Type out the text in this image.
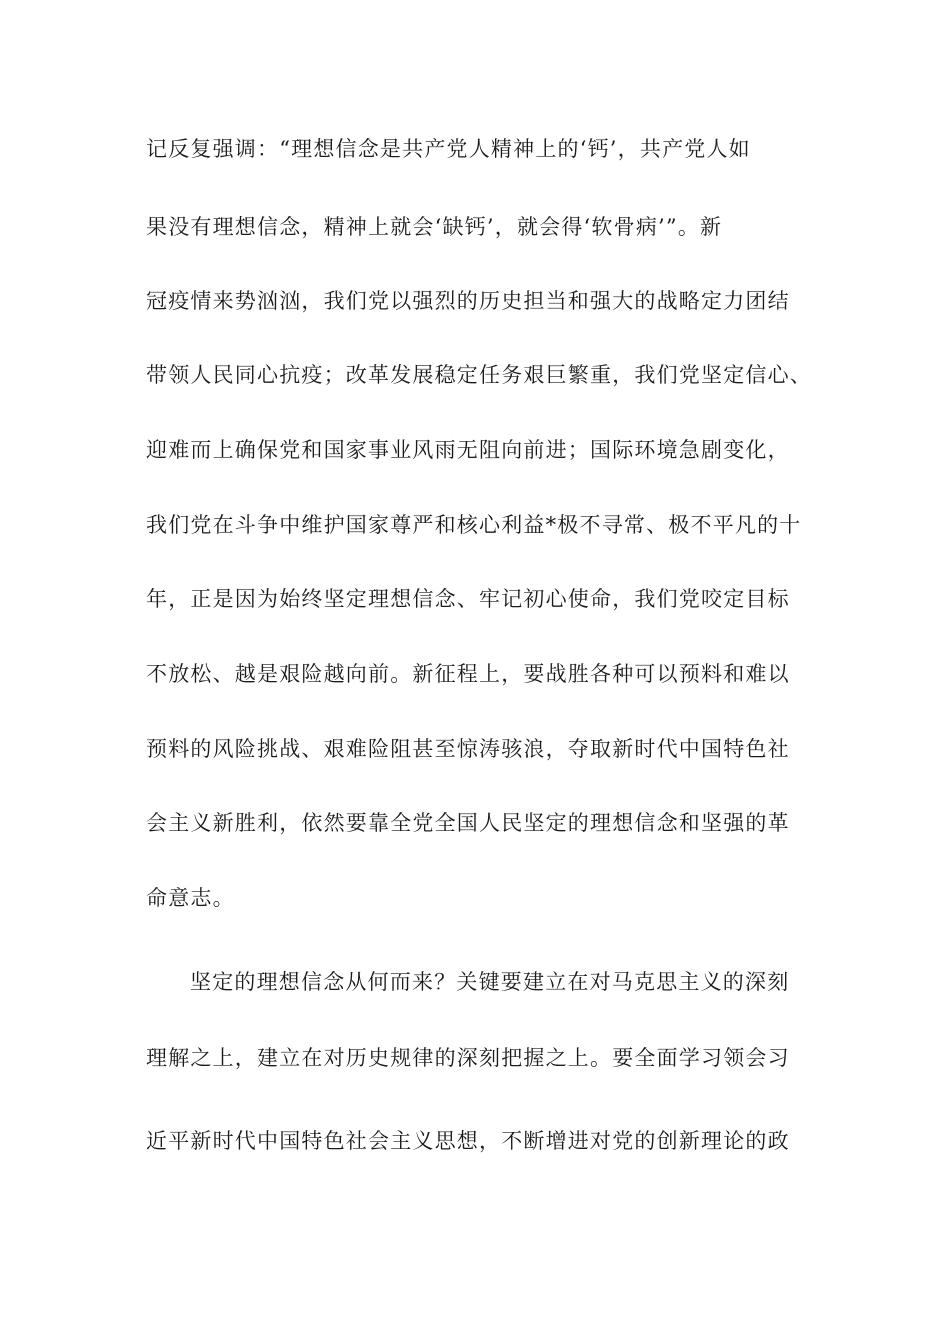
记反复强调：“理想信念是共产党人精神上的‘钙’，共产党人如
果没有理想信念，精神上就会‘缺钙’，就会得‘软骨病’”。新
冠疫情来势汹汹，我们党以强烈的历史担当和强大的战略定力团结
带领人民同心抗疫；改革发展稳定任务艰巨繁重，我们党坚定信心、
迎难而上确保党和国家事业风雨无阻向前进；国际环境急剧变化，
我们党在斗争中维护国家尊严和核心利益*极不寻常、极不平凡的十
年，正是因为始终坚定理想信念、牢记初心使命，我们党咬定目标
不放松、越是艰险越向前。新征程上，要战胜各种可以预料和难以
预料的风险挑战、艰难险阻甚至惊涛骇浪，夺取新时代中国特色社
会主义新胜利，依然要靠全党全国人民坚定的理想信念和坚强的革
命意志。
坚定的理想信念从何而来？关键要建立在对马克思主义的深刻
理解之上，建立在对历史规律的深刻把握之上。要全面学习领会习
近平新时代中国特色社会主义思想，不断增进对党的创新理论的政
